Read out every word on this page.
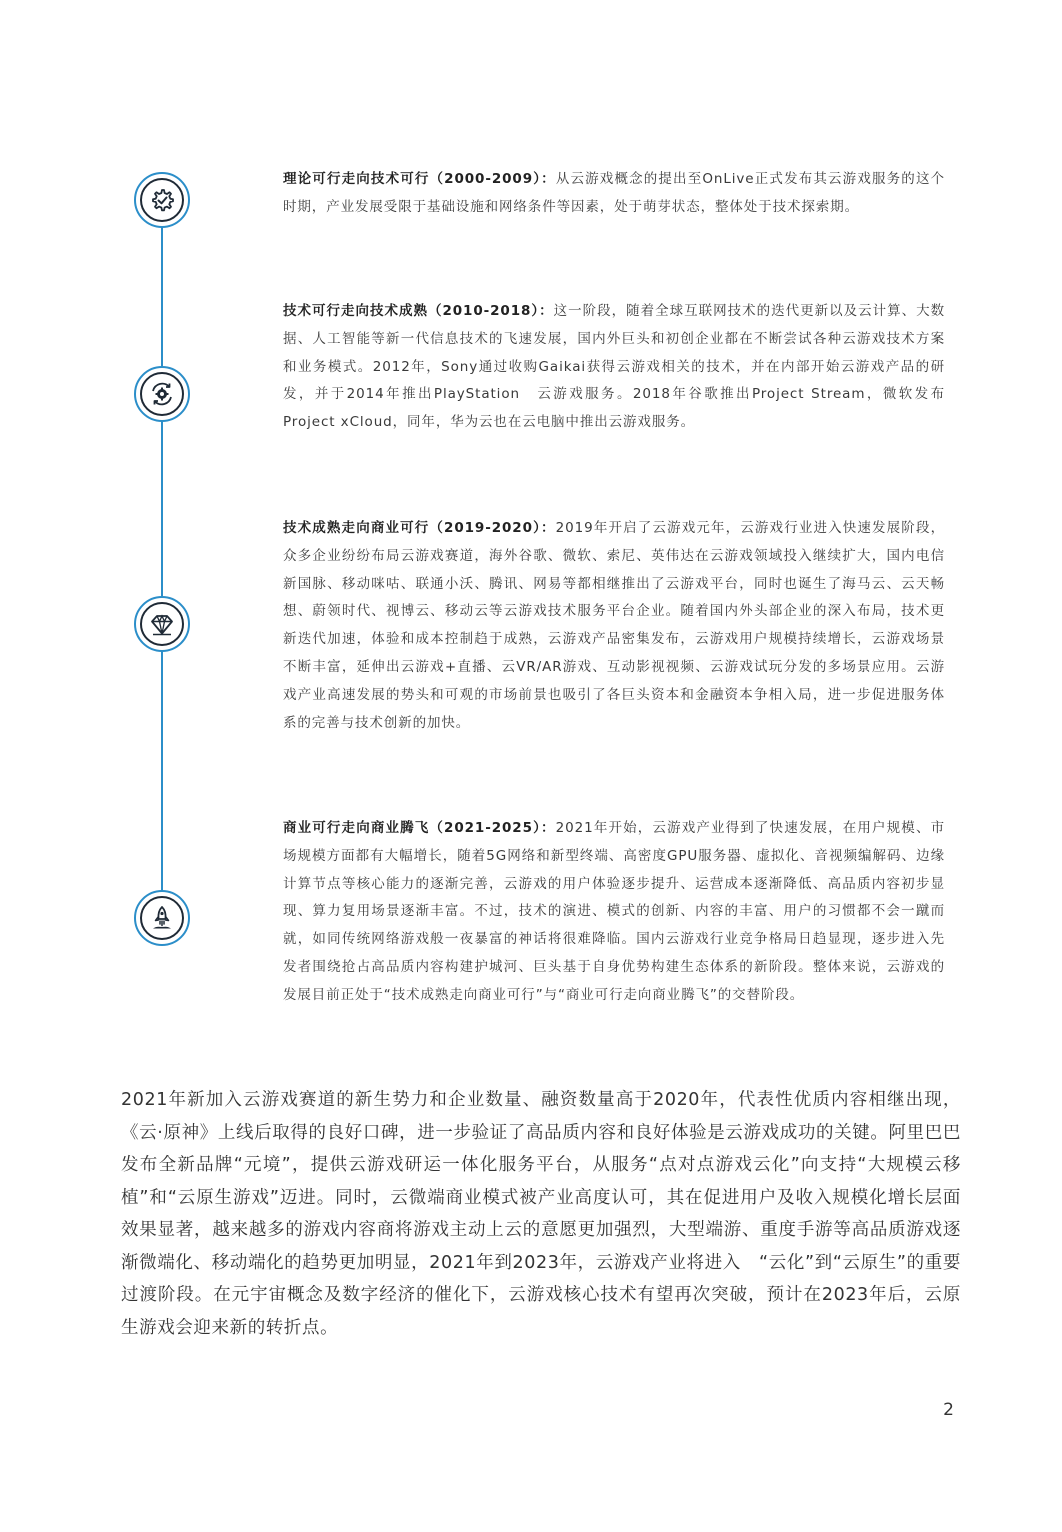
理论可行走向技术可行（2000-2009）：从云游戏概念的提出至OnLive正式发布其云游戏服务的这个时期，产业发展受限于基础设施和网络条件等因素，处于萌芽状态，整体处于技术探索期。
技术可行走向技术成熟（2010-2018）：这一阶段，随着全球互联网技术的迭代更新以及云计算、大数据、人工智能等新一代信息技术的飞速发展，国内外巨头和初创企业都在不断尝试各种云游戏技术方案和业务模式。2012年，Sony通过收购Gaikai获得云游戏相关的技术，并在内部开始云游戏产品的研发，并于2014年推出PlayStation　云游戏服务。2018年谷歌推出Project Stream，微软发布Project xCloud，同年，华为云也在云电脑中推出云游戏服务。
技术成熟走向商业可行（2019-2020）：2019年开启了云游戏元年，云游戏行业进入快速发展阶段，众多企业纷纷布局云游戏赛道，海外谷歌、微软、索尼、英伟达在云游戏领域投入继续扩大，国内电信新国脉、移动咪咕、联通小沃、腾讯、网易等都相继推出了云游戏平台，同时也诞生了海马云、云天畅想、蔚领时代、视博云、移动云等云游戏技术服务平台企业。随着国内外头部企业的深入布局，技术更新迭代加速，体验和成本控制趋于成熟，云游戏产品密集发布，云游戏用户规模持续增长，云游戏场景不断丰富，延伸出云游戏+直播、云VR/AR游戏、互动影视视频、云游戏试玩分发的多场景应用。云游戏产业高速发展的势头和可观的市场前景也吸引了各巨头资本和金融资本争相入局，进一步促进服务体系的完善与技术创新的加快。
商业可行走向商业腾飞（2021-2025）：2021年开始，云游戏产业得到了快速发展，在用户规模、市场规模方面都有大幅增长，随着5G网络和新型终端、高密度GPU服务器、虚拟化、音视频编解码、边缘计算节点等核心能力的逐渐完善，云游戏的用户体验逐步提升、运营成本逐渐降低、高品质内容初步显现、算力复用场景逐渐丰富。不过，技术的演进、模式的创新、内容的丰富、用户的习惯都不会一蹴而就，如同传统网络游戏般一夜暴富的神话将很难降临。国内云游戏行业竞争格局日趋显现，逐步进入先发者围绕抢占高品质内容构建护城河、巨头基于自身优势构建生态体系的新阶段。整体来说，云游戏的发展目前正处于“技术成熟走向商业可行”与“商业可行走向商业腾飞”的交替阶段。
2021年新加入云游戏赛道的新生势力和企业数量、融资数量高于2020年，代表性优质内容相继出现，《云·原神》上线后取得的良好口碑，进一步验证了高品质内容和良好体验是云游戏成功的关键。阿里巴巴发布全新品牌“元境”，提供云游戏研运一体化服务平台，从服务“点对点游戏云化”向支持“大规模云移植”和“云原生游戏”迈进。同时，云微端商业模式被产业高度认可，其在促进用户及收入规模化增长层面效果显著，越来越多的游戏内容商将游戏主动上云的意愿更加强烈，大型端游、重度手游等高品质游戏逐渐微端化、移动端化的趋势更加明显，2021年到2023年，云游戏产业将进入　“云化”到“云原生”的重要过渡阶段。在元宇宙概念及数字经济的催化下，云游戏核心技术有望再次突破，预计在2023年后，云原生游戏会迎来新的转折点。
2
